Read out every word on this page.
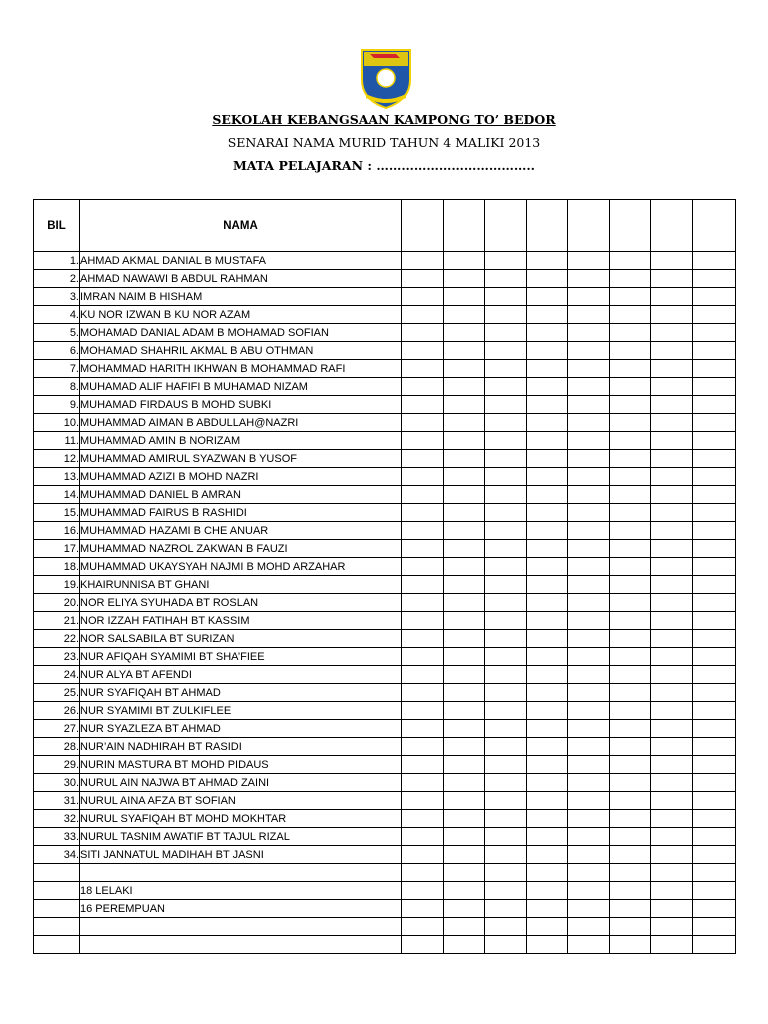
SEKOLAH KEBANGSAAN KAMPONG TO’ BEDOR
SENARAI NAMA MURID TAHUN 4 MALIKI 2013
MATA PELAJARAN : ………………………………..
BIL	NAMA								
1.	AHMAD AKMAL DANIAL B MUSTAFA								
2.	AHMAD NAWAWI B ABDUL RAHMAN								
3.	IMRAN NAIM B HISHAM								
4.	KU NOR IZWAN B KU NOR AZAM								
5.	MOHAMAD DANIAL ADAM B MOHAMAD SOFIAN								
6.	MOHAMAD SHAHRIL AKMAL B ABU OTHMAN								
7.	MOHAMMAD HARITH IKHWAN B MOHAMMAD RAFI								
8.	MUHAMAD ALIF HAFIFI B MUHAMAD NIZAM								
9.	MUHAMAD FIRDAUS B MOHD SUBKI								
10.	MUHAMMAD AIMAN B ABDULLAH@NAZRI								
11.	MUHAMMAD AMIN B NORIZAM								
12.	MUHAMMAD AMIRUL SYAZWAN B YUSOF								
13.	MUHAMMAD AZIZI B MOHD NAZRI								
14.	MUHAMMAD DANIEL B AMRAN								
15.	MUHAMMAD FAIRUS B RASHIDI								
16.	MUHAMMAD HAZAMI B CHE ANUAR								
17.	MUHAMMAD NAZROL ZAKWAN B FAUZI								
18.	MUHAMMAD UKAYSYAH NAJMI B MOHD ARZAHAR								
19.	KHAIRUNNISA BT GHANI								
20.	NOR ELIYA SYUHADA BT ROSLAN								
21.	NOR IZZAH FATIHAH BT KASSIM								
22.	NOR SALSABILA BT SURIZAN								
23.	NUR AFIQAH SYAMIMI BT SHA’FIEE								
24.	NUR ALYA BT AFENDI								
25.	NUR SYAFIQAH BT AHMAD								
26.	NUR SYAMIMI BT ZULKIFLEE								
27.	NUR SYAZLEZA BT AHMAD								
28.	NUR’AIN NADHIRAH BT RASIDI								
29.	NURIN MASTURA BT MOHD PIDAUS								
30.	NURUL AIN NAJWA BT AHMAD ZAINI								
31.	NURUL AINA AFZA BT SOFIAN								
32.	NURUL SYAFIQAH BT MOHD MOKHTAR								
33.	NURUL TASNIM AWATIF BT TAJUL RIZAL								
34.	SITI JANNATUL MADIHAH BT JASNI								

	18 LELAKI								
	16 PEREMPUAN								
